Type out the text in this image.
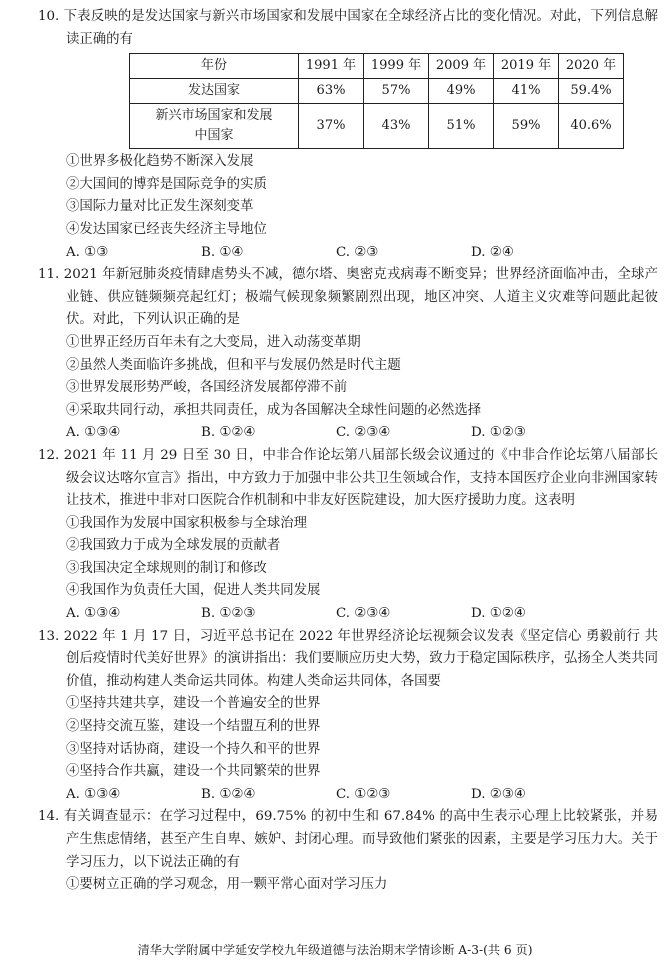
10. 下表反映的是发达国家与新兴市场国家和发展中国家在全球经济占比的变化情况。对此，下列信息解读正确的有
年份	1991 年	1999 年	2009 年	2019 年	2020 年
发达国家	63%	57%	49%	41%	59.4%
新兴市场国家和发展中国家	37%	43%	51%	59%	40.6%
①世界多极化趋势不断深入发展
②大国间的博弈是国际竞争的实质
③国际力量对比正发生深刻变革
④发达国家已经丧失经济主导地位
A. ①③	B. ①④	C. ②③	D. ②④
11. 2021 年新冠肺炎疫情肆虐势头不减，德尔塔、奥密克戎病毒不断变异；世界经济面临冲击，全球产业链、供应链频频亮起红灯；极端气候现象频繁剧烈出现，地区冲突、人道主义灾难等问题此起彼伏。对此，下列认识正确的是
①世界正经历百年未有之大变局，进入动荡变革期
②虽然人类面临许多挑战，但和平与发展仍然是时代主题
③世界发展形势严峻，各国经济发展都停滞不前
④采取共同行动，承担共同责任，成为各国解决全球性问题的必然选择
A. ①③④	B. ①②④	C. ②③④	D. ①②③
12. 2021 年 11 月 29 日至 30 日，中非合作论坛第八届部长级会议通过的《中非合作论坛第八届部长级会议达喀尔宣言》指出，中方致力于加强中非公共卫生领域合作，支持本国医疗企业向非洲国家转让技术，推进中非对口医院合作机制和中非友好医院建设，加大医疗援助力度。这表明
①我国作为发展中国家积极参与全球治理
②我国致力于成为全球发展的贡献者
③我国决定全球规则的制订和修改
④我国作为负责任大国，促进人类共同发展
A. ①③④	B. ①②③	C. ②③④	D. ①②④
13. 2022 年 1 月 17 日，习近平总书记在 2022 年世界经济论坛视频会议发表《坚定信心 勇毅前行 共创后疫情时代美好世界》的演讲指出：我们要顺应历史大势，致力于稳定国际秩序，弘扬全人类共同价值，推动构建人类命运共同体。构建人类命运共同体，各国要
①坚持共建共享，建设一个普遍安全的世界
②坚持交流互鉴，建设一个结盟互利的世界
③坚持对话协商，建设一个持久和平的世界
④坚持合作共赢，建设一个共同繁荣的世界
A. ①③④	B. ①②④	C. ①②③	D. ②③④
14. 有关调查显示：在学习过程中，69.75% 的初中生和 67.84% 的高中生表示心理上比较紧张，并易产生焦虑情绪，甚至产生自卑、嫉妒、封闭心理。而导致他们紧张的因素，主要是学习压力大。关于学习压力，以下说法正确的有
①要树立正确的学习观念，用一颗平常心面对学习压力
清华大学附属中学延安学校九年级道德与法治期末学情诊断 A-3-(共 6 页)
